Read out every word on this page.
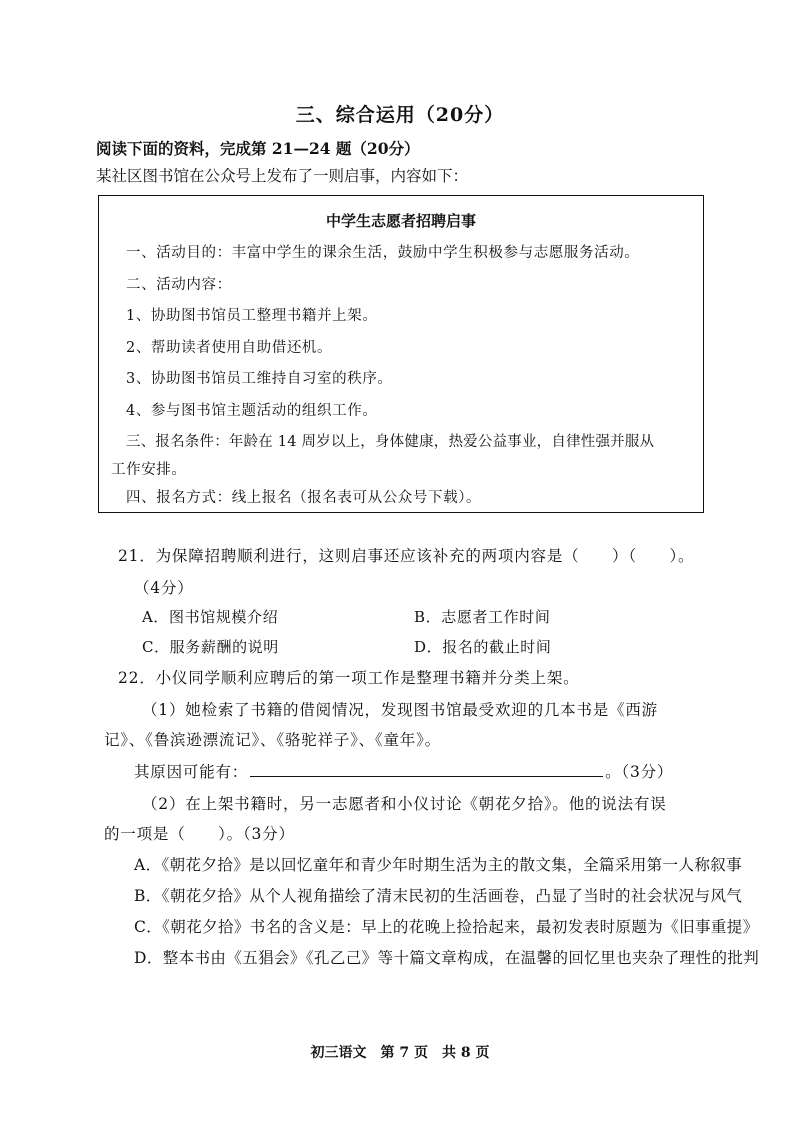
三、综合运用（20分）
阅读下面的资料，完成第 21—24 题（20分）
某社区图书馆在公众号上发布了一则启事，内容如下：
中学生志愿者招聘启事
一、活动目的：丰富中学生的课余生活，鼓励中学生积极参与志愿服务活动。
二、活动内容：
1、协助图书馆员工整理书籍并上架。
2、帮助读者使用自助借还机。
3、协助图书馆员工维持自习室的秩序。
4、参与图书馆主题活动的组织工作。
三、报名条件：年龄在 14 周岁以上，身体健康，热爱公益事业，自律性强并服从
工作安排。
四、报名方式：线上报名（报名表可从公众号下载）。
21．为保障招聘顺利进行，这则启事还应该补充的两项内容是（　　）（　　）。
（4分）
A．图书馆规模介绍	B．志愿者工作时间
C．服务薪酬的说明	D．报名的截止时间
22．小仪同学顺利应聘后的第一项工作是整理书籍并分类上架。
（1）她检索了书籍的借阅情况，发现图书馆最受欢迎的几本书是《西游
记》、《鲁滨逊漂流记》、《骆驼祥子》、《童年》。
其原因可能有：	。（3分）
（2）在上架书籍时，另一志愿者和小仪讨论《朝花夕拾》。他的说法有误
的一项是（　　）。（3分）
A．《朝花夕拾》是以回忆童年和青少年时期生活为主的散文集，全篇采用第一人称叙事
B．《朝花夕拾》从个人视角描绘了清末民初的生活画卷，凸显了当时的社会状况与风气
C．《朝花夕拾》书名的含义是：早上的花晚上捡拾起来，最初发表时原题为《旧事重提》
D．整本书由《五猖会》《孔乙己》等十篇文章构成，在温馨的回忆里也夹杂了理性的批判
初三语文　第 7 页　共 8 页
